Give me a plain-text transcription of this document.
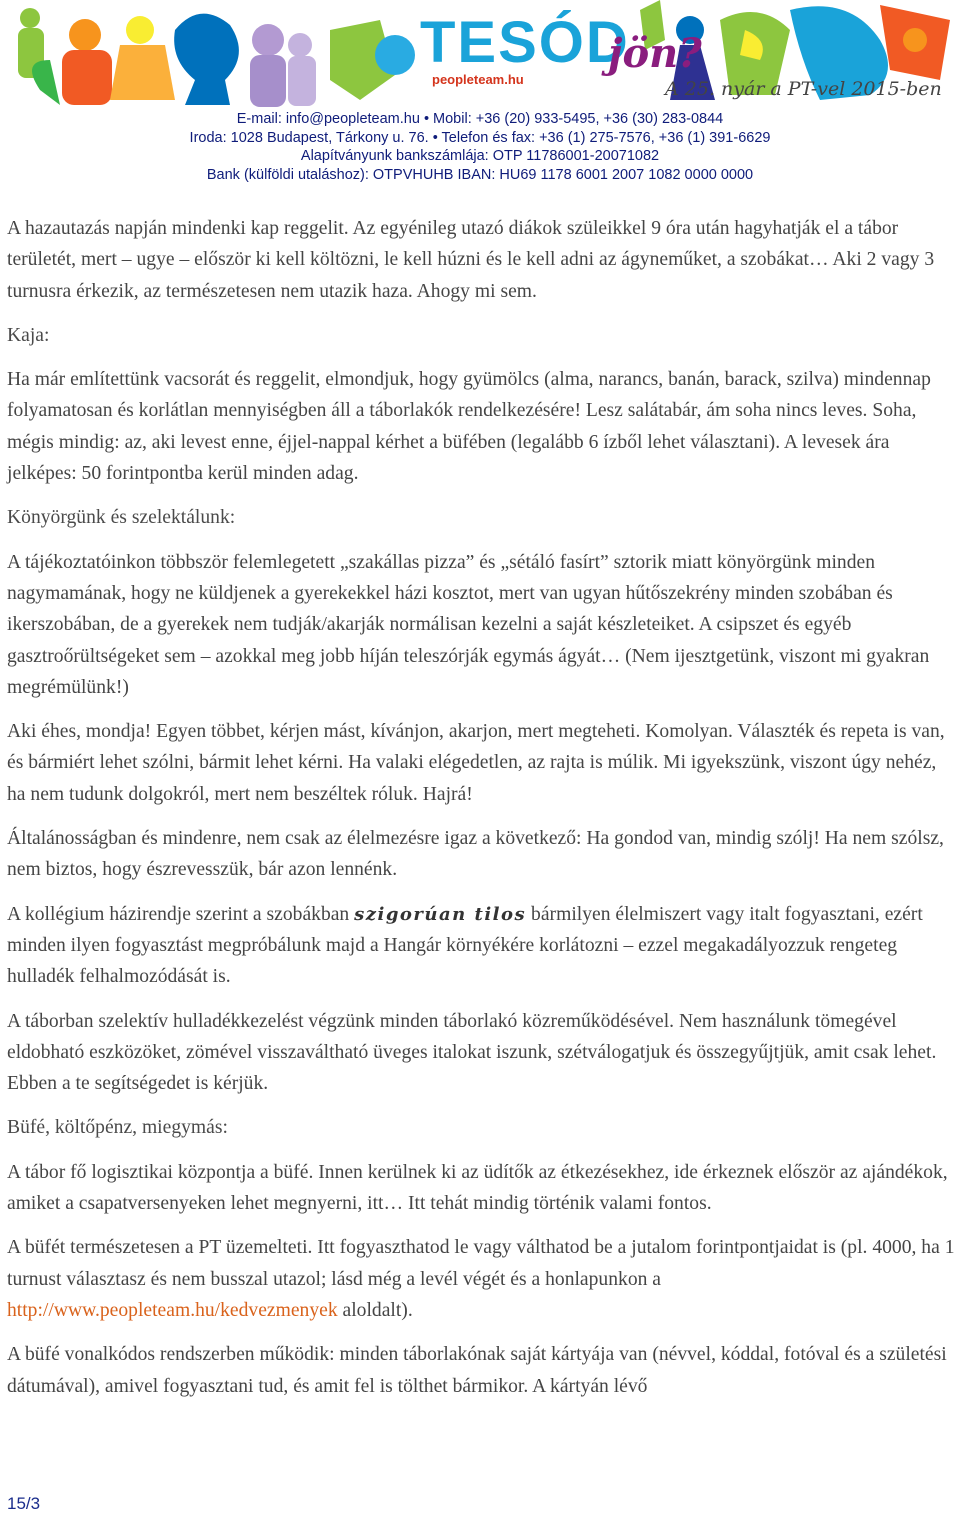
TESÓD
jön?
peopleteam.hu	A 25. nyár a PT-vel 2015-ben
E-mail: info@peopleteam.hu • Mobil: +36 (20) 933-5495, +36 (30) 283-0844
Iroda: 1028 Budapest, Tárkony u. 76. • Telefon és fax: +36 (1) 275-7576, +36 (1) 391-6629
Alapítványunk bankszámlája: OTP 11786001-20071082
Bank (külföldi utaláshoz): OTPVHUHB IBAN: HU69 1178 6001 2007 1082 0000 0000

A hazautazás napján mindenki kap reggelit. Az egyénileg utazó diákok szüleikkel 9 óra után hagyhatják el a tábor területét, mert – ugye – először ki kell költözni, le kell húzni és le kell adni az ágyneműket, a szobákat… Aki 2 vagy 3 turnusra érkezik, az természetesen nem utazik haza. Ahogy mi sem.

Kaja:

Ha már említettünk vacsorát és reggelit, elmondjuk, hogy gyümölcs (alma, narancs, banán, barack, szilva) mindennap folyamatosan és korlátlan mennyiségben áll a táborlakók rendelkezésére! Lesz salátabár, ám soha nincs leves. Soha, mégis mindig: az, aki levest enne, éjjel-nappal kérhet a büfében (legalább 6 ízből lehet választani). A levesek ára jelképes: 50 forintpontba kerül minden adag.

Könyörgünk és szelektálunk:

A tájékoztatóinkon többször felemlegetett „szakállas pizza” és „sétáló fasírt” sztorik miatt könyörgünk minden nagymamának, hogy ne küldjenek a gyerekekkel házi kosztot, mert van ugyan hűtőszekrény minden szobában és ikerszobában, de a gyerekek nem tudják/akarják normálisan kezelni a saját készleteiket. A csipszet és egyéb gasztroőrültségeket sem – azokkal meg jobb híján teleszórják egymás ágyát… (Nem ijesztgetünk, viszont mi gyakran megrémülünk!)

Aki éhes, mondja! Egyen többet, kérjen mást, kívánjon, akarjon, mert megteheti. Komolyan. Választék és repeta is van, és bármiért lehet szólni, bármit lehet kérni. Ha valaki elégedetlen, az rajta is múlik. Mi igyekszünk, viszont úgy nehéz, ha nem tudunk dolgokról, mert nem beszéltek róluk. Hajrá!

Általánosságban és mindenre, nem csak az élelmezésre igaz a következő: Ha gondod van, mindig szólj! Ha nem szólsz, nem biztos, hogy észrevesszük, bár azon lennénk.

A kollégium házirendje szerint a szobákban szigorúan tilos bármilyen élelmiszert vagy italt fogyasztani, ezért minden ilyen fogyasztást megpróbálunk majd a Hangár környékére korlátozni – ezzel megakadályozzuk rengeteg hulladék felhalmozódását is.

A táborban szelektív hulladékkezelést végzünk minden táborlakó közreműködésével. Nem használunk tömegével eldobható eszközöket, zömével visszaváltható üveges italokat iszunk, szétválogatjuk és összegyűjtjük, amit csak lehet. Ebben a te segítségedet is kérjük.

Büfé, költőpénz, miegymás:

A tábor fő logisztikai központja a büfé. Innen kerülnek ki az üdítők az étkezésekhez, ide érkeznek először az ajándékok, amiket a csapatversenyeken lehet megnyerni, itt… Itt tehát mindig történik valami fontos.

A büfét természetesen a PT üzemelteti. Itt fogyaszthatod le vagy válthatod be a jutalom forintpontjaidat is (pl. 4000, ha 1 turnust választasz és nem busszal utazol; lásd még a levél végét és a honlapunkon a http://www.peopleteam.hu/kedvezmenyek aloldalt).

A büfé vonalkódos rendszerben működik: minden táborlakónak saját kártyája van (névvel, kóddal, fotóval és a születési dátumával), amivel fogyasztani tud, és amit fel is tölthet bármikor. A kártyán lévő

15/3
